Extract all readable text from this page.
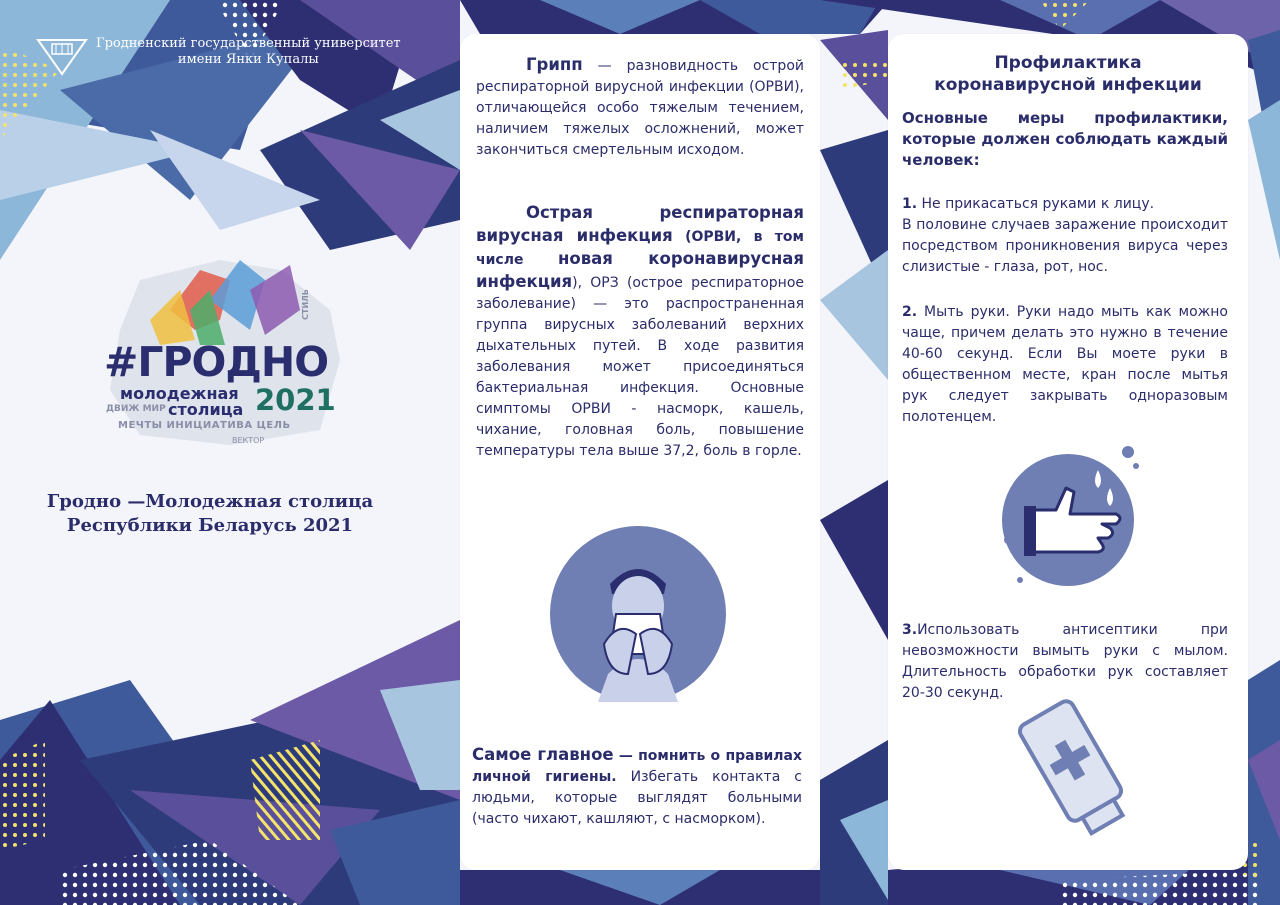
Гродненский государственный университет
имени Янки Купалы
#ГРОДНО
молодежная
столица 2021
МЕЧТЫ ИНИЦИАТИВА ЦЕЛЬ
ДВИЖ МИР
ВЕКТОР
СТИЛЬ
Гродно —Молодежная столица
Республики Беларусь 2021
Грипп — разновидность острой респираторной вирусной инфекции (ОРВИ), отличающейся особо тяжелым течением, наличием тяжелых осложнений, может закончиться смертельным исходом.
Острая респираторная вирусная инфекция (ОРВИ, в том числе новая коронавирусная инфекция), ОРЗ (острое респираторное заболевание) — это распространенная группа вирусных заболеваний верхних дыхательных путей. В ходе развития заболевания может присоединяться бактериальная инфекция. Основные симптомы ОРВИ - насморк, кашель, чихание, головная боль, повышение температуры тела выше 37,2, боль в горле.
Самое главное — помнить о правилах личной гигиены. Избегать контакта с людьми, которые выглядят больными (часто чихают, кашляют, с насморком).
Профилактика
коронавирусной инфекции
Основные меры профилактики, которые должен соблюдать каждый человек:
1. Не прикасаться руками к лицу.
В половине случаев заражение происходит посредством проникновения вируса через слизистые - глаза, рот, нос.
2. Мыть руки. Руки надо мыть как можно чаще, причем делать это нужно в течение 40-60 секунд. Если Вы моете руки в общественном месте, кран после мытья рук следует закрывать одноразовым полотенцем.
3.Использовать антисептики при невозможности вымыть руки с мылом. Длительность обработки рук составляет 20-30 секунд.
